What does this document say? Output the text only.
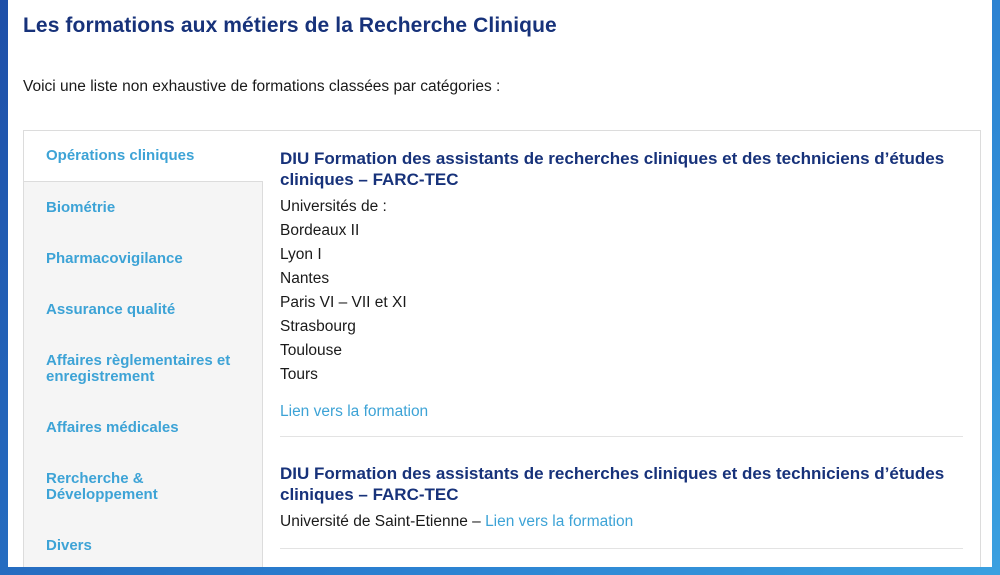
Les formations aux métiers de la Recherche Clinique

Voici une liste non exhaustive de formations classées par catégories :

Opérations cliniques
Biométrie
Pharmacovigilance
Assurance qualité
Affaires règlementaires et enregistrement
Affaires médicales
Rercherche & Développement
Divers
DIU Formation des assistants de recherches cliniques et des techniciens d’études cliniques – FARC-TEC
Universités de :
Bordeaux II
Lyon I
Nantes
Paris VI – VII et XI
Strasbourg
Toulouse
Tours
Lien vers la formation
DIU Formation des assistants de recherches cliniques et des techniciens d’études cliniques – FARC-TEC
Université de Saint-Etienne – Lien vers la formation
